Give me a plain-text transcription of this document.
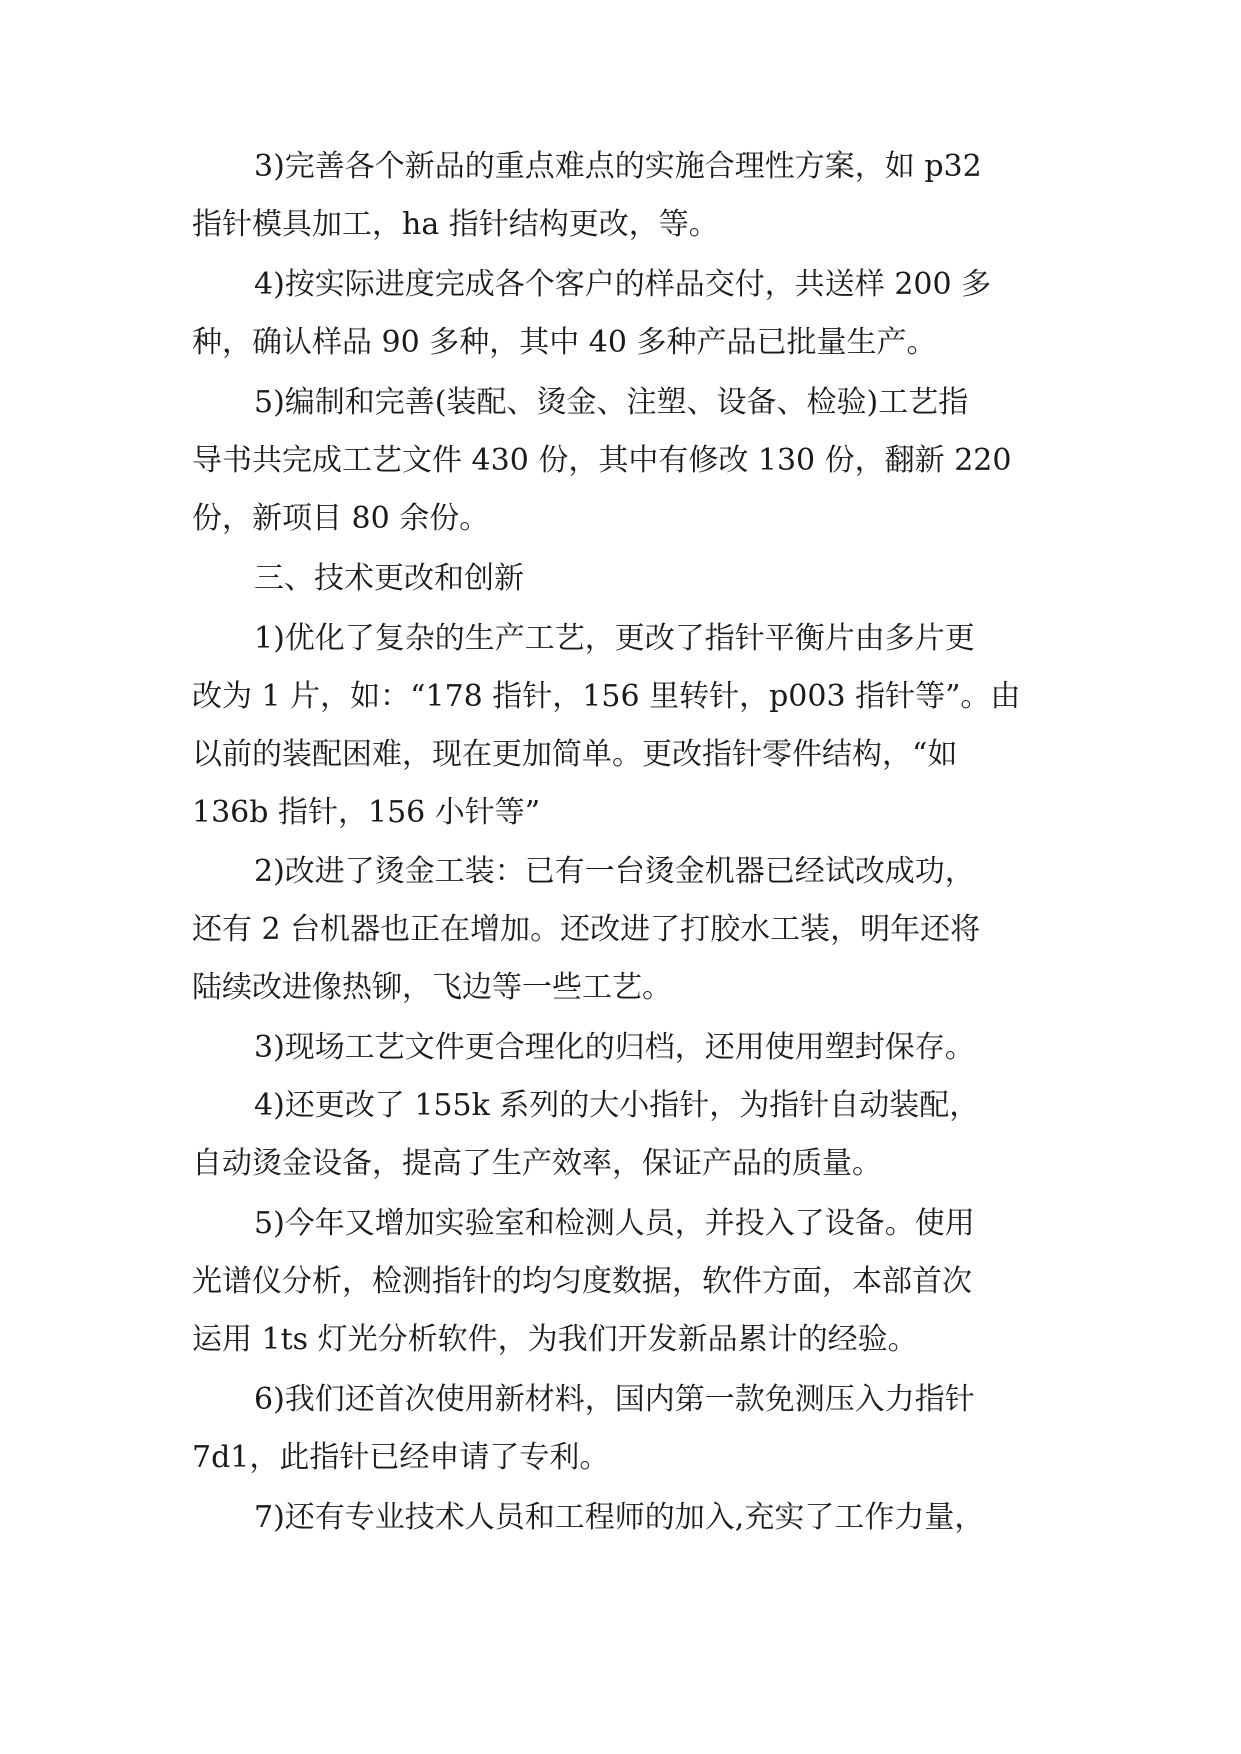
3)完善各个新品的重点难点的实施合理性方案，如 p32
指针模具加工，ha 指针结构更改，等。
4)按实际进度完成各个客户的样品交付，共送样 200 多
种，确认样品 90 多种，其中 40 多种产品已批量生产。
5)编制和完善(装配、烫金、注塑、设备、检验)工艺指
导书共完成工艺文件 430 份，其中有修改 130 份，翻新 220
份，新项目 80 余份。
三、技术更改和创新
1)优化了复杂的生产工艺，更改了指针平衡片由多片更
改为 1 片，如：“178 指针，156 里转针，p003 指针等”。由
以前的装配困难，现在更加简单。更改指针零件结构，“如
136b 指针，156 小针等”
2)改进了烫金工装：已有一台烫金机器已经试改成功，
还有 2 台机器也正在增加。还改进了打胶水工装，明年还将
陆续改进像热铆，飞边等一些工艺。
3)现场工艺文件更合理化的归档，还用使用塑封保存。
4)还更改了 155k 系列的大小指针，为指针自动装配，
自动烫金设备，提高了生产效率，保证产品的质量。
5)今年又增加实验室和检测人员，并投入了设备。使用
光谱仪分析，检测指针的均匀度数据，软件方面，本部首次
运用 1ts 灯光分析软件，为我们开发新品累计的经验。
6)我们还首次使用新材料，国内第一款免测压入力指针
7d1，此指针已经申请了专利。
7)还有专业技术人员和工程师的加入,充实了工作力量，
